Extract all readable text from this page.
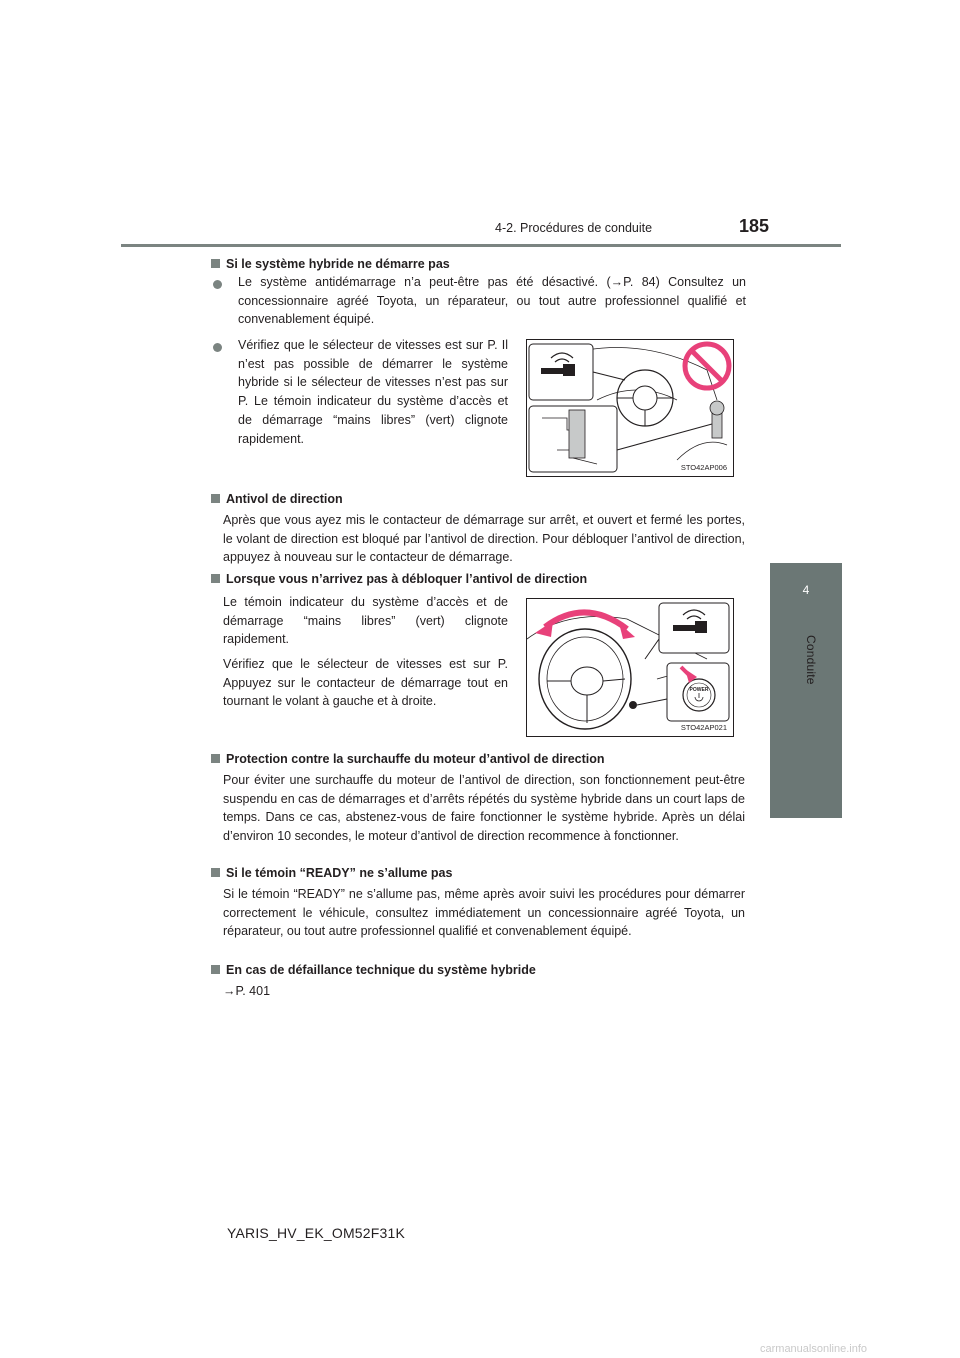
4-2. Procédures de conduite	185
4
Conduite
Si le système hybride ne démarre pas
Le système antidémarrage n’a peut-être pas été désactivé. (→P. 84) Consultez un concessionnaire agréé Toyota, un réparateur, ou tout autre professionnel qualifié et convenablement équipé.
Vérifiez que le sélecteur de vitesses est sur P. Il n’est pas possible de démarrer le système hybride si le sélecteur de vitesses n’est pas sur P. Le témoin indicateur du système d’accès et de démarrage “mains libres” (vert) clignote rapidement.
STO42AP006
Antivol de direction
Après que vous ayez mis le contacteur de démarrage sur arrêt, et ouvert et fermé les portes, le volant de direction est bloqué par l’antivol de direction. Pour débloquer l’antivol de direction, appuyez à nouveau sur le contacteur de démarrage.
Lorsque vous n’arrivez pas à débloquer l’antivol de direction
Le témoin indicateur du système d’accès et de démarrage “mains libres” (vert) clignote rapidement.
Vérifiez que le sélecteur de vitesses est sur P. Appuyez sur le contacteur de démarrage tout en tournant le volant à gauche et à droite.
POWER
STO42AP021
Protection contre la surchauffe du moteur d’antivol de direction
Pour éviter une surchauffe du moteur de l’antivol de direction, son fonctionnement peut-être suspendu en cas de démarrages et d’arrêts répétés du système hybride dans un court laps de temps. Dans ce cas, abstenez-vous de faire fonctionner le système hybride. Après un délai d’environ 10 secondes, le moteur d’antivol de direction recommence à fonctionner.
Si le témoin “READY” ne s’allume pas
Si le témoin “READY” ne s’allume pas, même après avoir suivi les procédures pour démarrer correctement le véhicule, consultez immédiatement un concessionnaire agréé Toyota, un réparateur, ou tout autre professionnel qualifié et convenablement équipé.
En cas de défaillance technique du système hybride
→P. 401
YARIS_HV_EK_OM52F31K
carmanualsonline.info
